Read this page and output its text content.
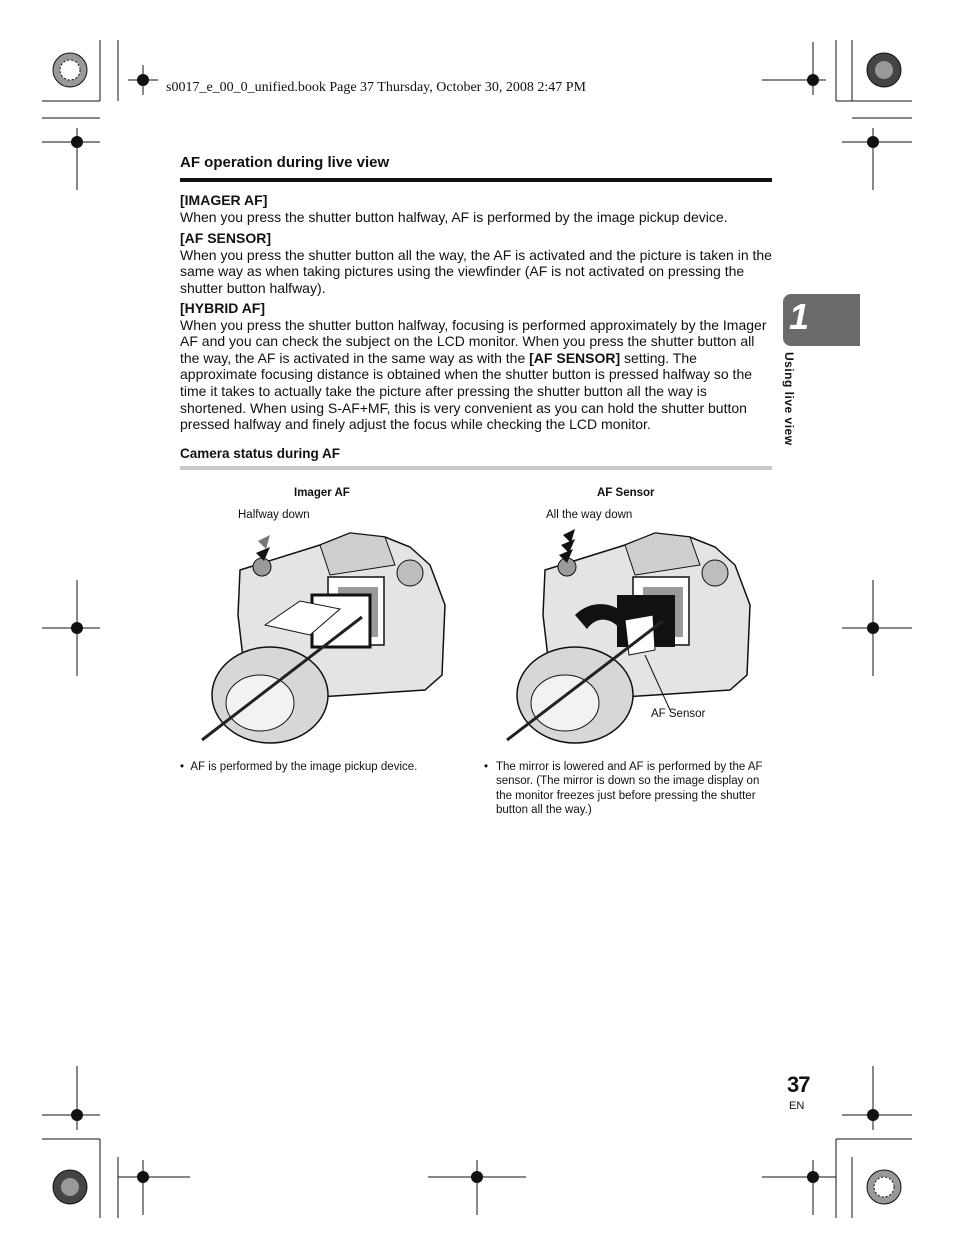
s0017_e_00_0_unified.book Page 37 Thursday, October 30, 2008 2:47 PM
AF operation during live view
[IMAGER AF]
When you press the shutter button halfway, AF is performed by the image pickup device.
[AF SENSOR]
When you press the shutter button all the way, the AF is activated and the picture is taken in the same way as when taking pictures using the viewfinder (AF is not activated on pressing the shutter button halfway).
[HYBRID AF]
When you press the shutter button halfway, focusing is performed approximately by the Imager AF and you can check the subject on the LCD monitor. When you press the shutter button all the way, the AF is activated in the same way as with the [AF SENSOR] setting. The approximate focusing distance is obtained when the shutter button is pressed halfway so the time it takes to actually take the picture after pressing the shutter button all the way is shortened. When using S-AF+MF, this is very convenient as you can hold the shutter button pressed halfway and finely adjust the focus while checking the LCD monitor.
Camera status during AF
Imager AF
Halfway down
• AF is performed by the image pickup device.
AF Sensor
All the way down
AF Sensor
• The mirror is lowered and AF is performed by the AF sensor. (The mirror is down so the image display on the monitor freezes just before pressing the shutter button all the way.)
1
Using live view
37
EN
